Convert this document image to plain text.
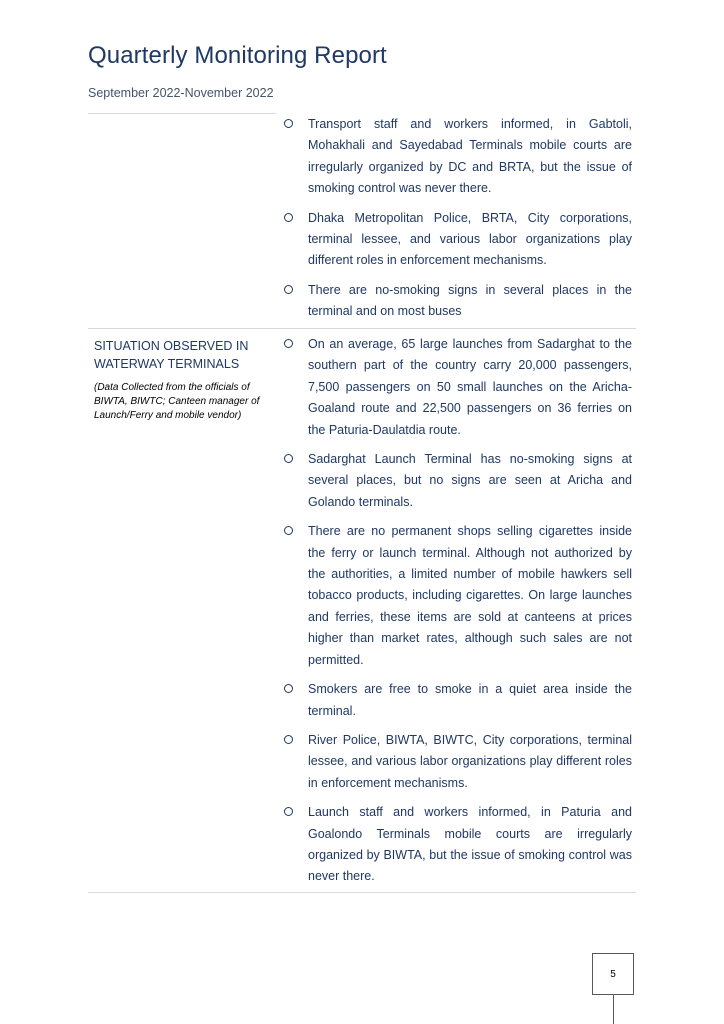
Quarterly Monitoring Report
September 2022-November 2022
Transport staff and workers informed, in Gabtoli, Mohakhali and Sayedabad Terminals mobile courts are irregularly organized by DC and BRTA, but the issue of smoking control was never there.
Dhaka Metropolitan Police, BRTA, City corporations, terminal lessee, and various labor organizations play different roles in enforcement mechanisms.
There are no-smoking signs in several places in the terminal and on most buses
SITUATION OBSERVED IN WATERWAY TERMINALS
(Data Collected from the officials of BIWTA, BIWTC; Canteen manager of Launch/Ferry and mobile vendor)
On an average, 65 large launches from Sadarghat to the southern part of the country carry 20,000 passengers, 7,500 passengers on 50 small launches on the Aricha-Goaland route and 22,500 passengers on 36 ferries on the Paturia-Daulatdia route.
Sadarghat Launch Terminal has no-smoking signs at several places, but no signs are seen at Aricha and Golando terminals.
There are no permanent shops selling cigarettes inside the ferry or launch terminal. Although not authorized by the authorities, a limited number of mobile hawkers sell tobacco products, including cigarettes. On large launches and ferries, these items are sold at canteens at prices higher than market rates, although such sales are not permitted.
Smokers are free to smoke in a quiet area inside the terminal.
River Police, BIWTA, BIWTC, City corporations, terminal lessee, and various labor organizations play different roles in enforcement mechanisms.
Launch staff and workers informed, in Paturia and Goalondo Terminals mobile courts are irregularly organized by BIWTA, but the issue of smoking control was never there.
5
